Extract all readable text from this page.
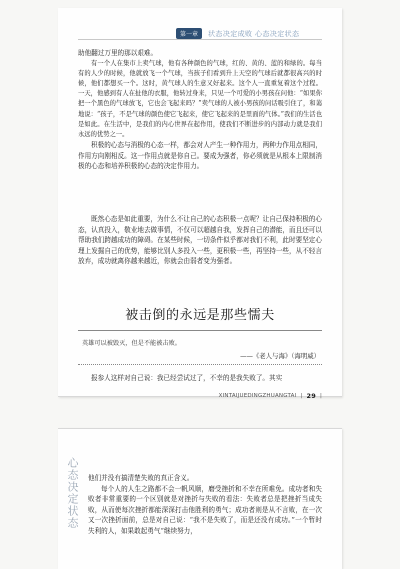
第一章	状态决定成败 心态决定状态

助他翻过万里的那以艰难。

有一个人在集市上卖气球，他有各种颜色的气球，红的、黄的、蓝的和绿的。每当有的人少的时候，他就放飞一个气球，当孩子们看到升上天空的气球后就都很高兴的时候，他们都想买一个。这时，黄气球人的生意又好起来。这个人一直重复着这个过程。一天，他感到有人在扯他的衣服，他转过身来，只见一个可爱的小男孩在问他：“如果你把一个黑色的气球放飞，它也会飞起来吗？”卖气球的人被小男孩的问话吸引住了，和蔼地说：“孩子，不是气球的颜色使它飞起来，使它飞起来的是里面的气体。”我们的生活也是如此。在生活中，是我们的内心世界在起作用，使我们不断进步的内部动力就是我们永远的优势之一。

积极的心态与消极的心态一样，都会对人产生一种作用力，两种力作用点相同，作用方向刚相反。这一作用点就是你自己。要成为强者，你必须就是从根本上限制消极的心态和培养积极的心态的决定作用力。

既然心态是如此重要，为什么不让自己的心态积极一点呢？让自己保持积极的心态，认真投入，敬业地去做事情，不仅可以超越自我，发挥自己的潜能，而且还可以帮助我们跨越成功的障碍。在某些时候，一切条件似乎都对我们不利，此时要坚定心理上发掘自己的优势，能够比别人多投入一些，更积极一些，再坚持一些，从不轻言放弃，成功就离你越来越近，你就会由弱者变为强者。

被击倒的永远是那些懦夫
英雄可以被毁灭，但是不能被击败。
——《老人与海》（海明威）
报参人这样对自己说：我已经尝试过了，不幸的是我失败了。其实
XINTAIJUEDINGZHUANGTAI | 29 |
心态决定状态 他们并没有搞清楚失败的真正含义。

每个人的人生之路都不会一帆风顺，磨受挫折和不幸在所难免。成功者和失败者非常重要的一个区别就是对挫折与失败的看法：失败者总是把挫折当成失败，从而使每次挫折都能深深打击他胜利的勇气；成功者则是从不言败，在一次又一次挫折面前，总是对自己说：“我不是失败了，而是还没有成功。”一个暂时失利的人，如果敢起勇气“继续努力，
